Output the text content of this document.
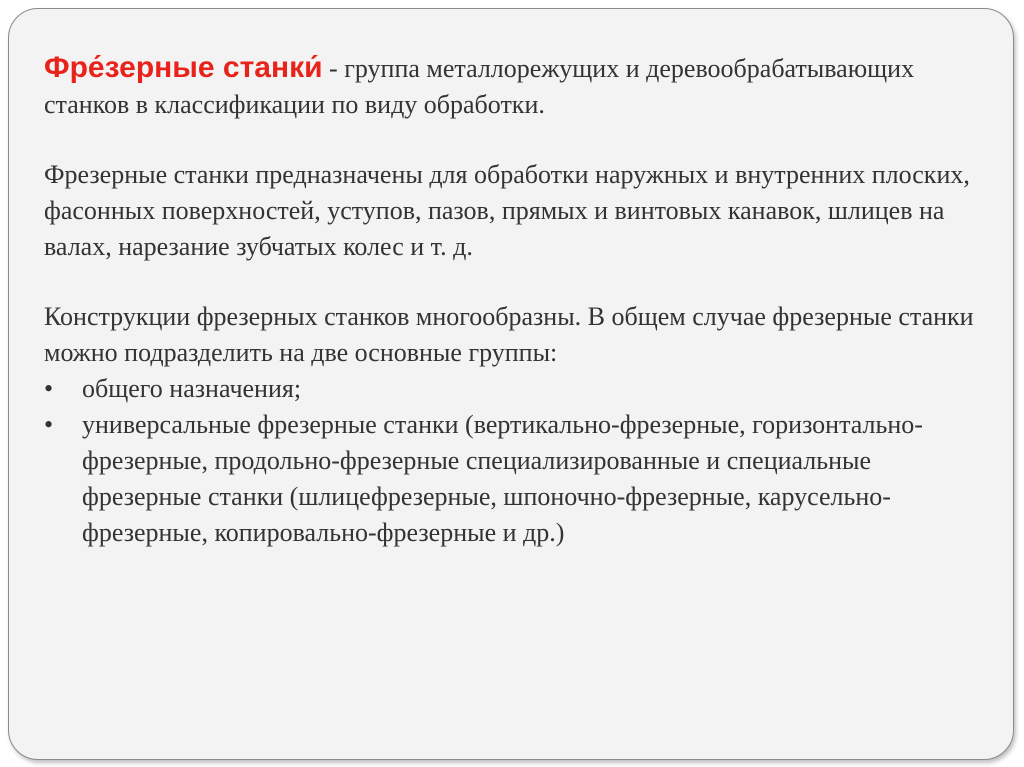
Фре́зерные станки́ - группа металлорежущих и деревообрабатывающих станков в классификации по виду обработки.

Фрезерные станки предназначены для обработки наружных и внутренних плоских, фасонных поверхностей, уступов, пазов, прямых и винтовых канавок, шлицев на валах, нарезание зубчатых колес и т. д.

Конструкции фрезерных станков многообразны. В общем случае фрезерные станки можно подразделить на две основные группы:

• общего назначения;
• универсальные фрезерные станки (вертикально-фрезерные, горизонтально-фрезерные, продольно-фрезерные специализированные и специальные фрезерные станки (шлицефрезерные, шпоночно-фрезерные, карусельно-фрезерные, копировально-фрезерные и др.)
